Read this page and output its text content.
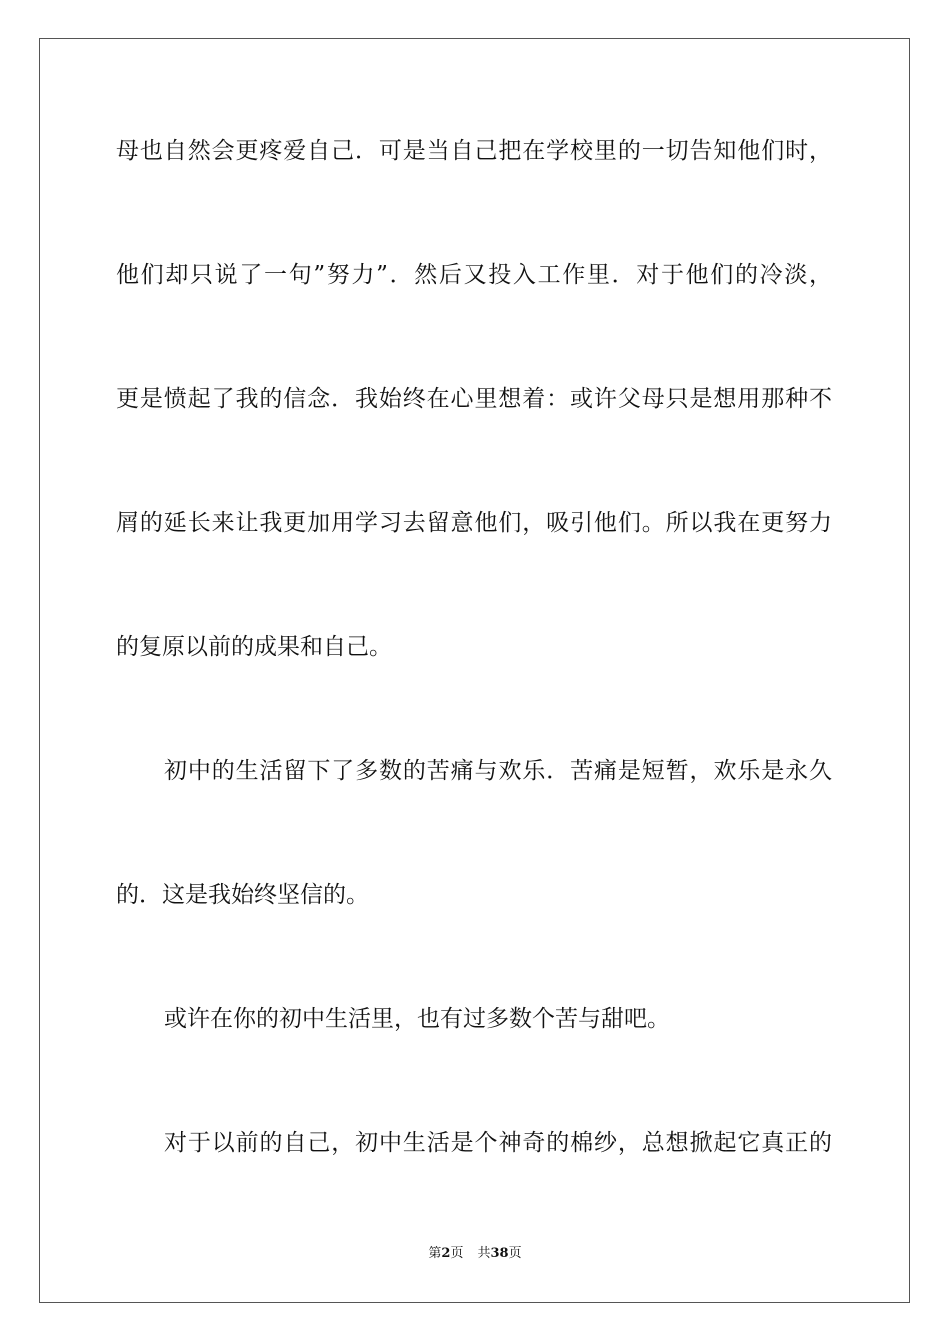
母也自然会更疼爱自己．可是当自己把在学校里的一切告知他们时，
他们却只说了一句”努力”．然后又投入工作里．对于他们的冷淡，
更是愤起了我的信念．我始终在心里想着：或许父母只是想用那种不
屑的延长来让我更加用学习去留意他们，吸引他们。所以我在更努力
的复原以前的成果和自己。
初中的生活留下了多数的苦痛与欢乐．苦痛是短暂，欢乐是永久
的．这是我始终坚信的。
或许在你的初中生活里，也有过多数个苦与甜吧。
对于以前的自己，初中生活是个神奇的棉纱，总想掀起它真正的
第2页 共38页
